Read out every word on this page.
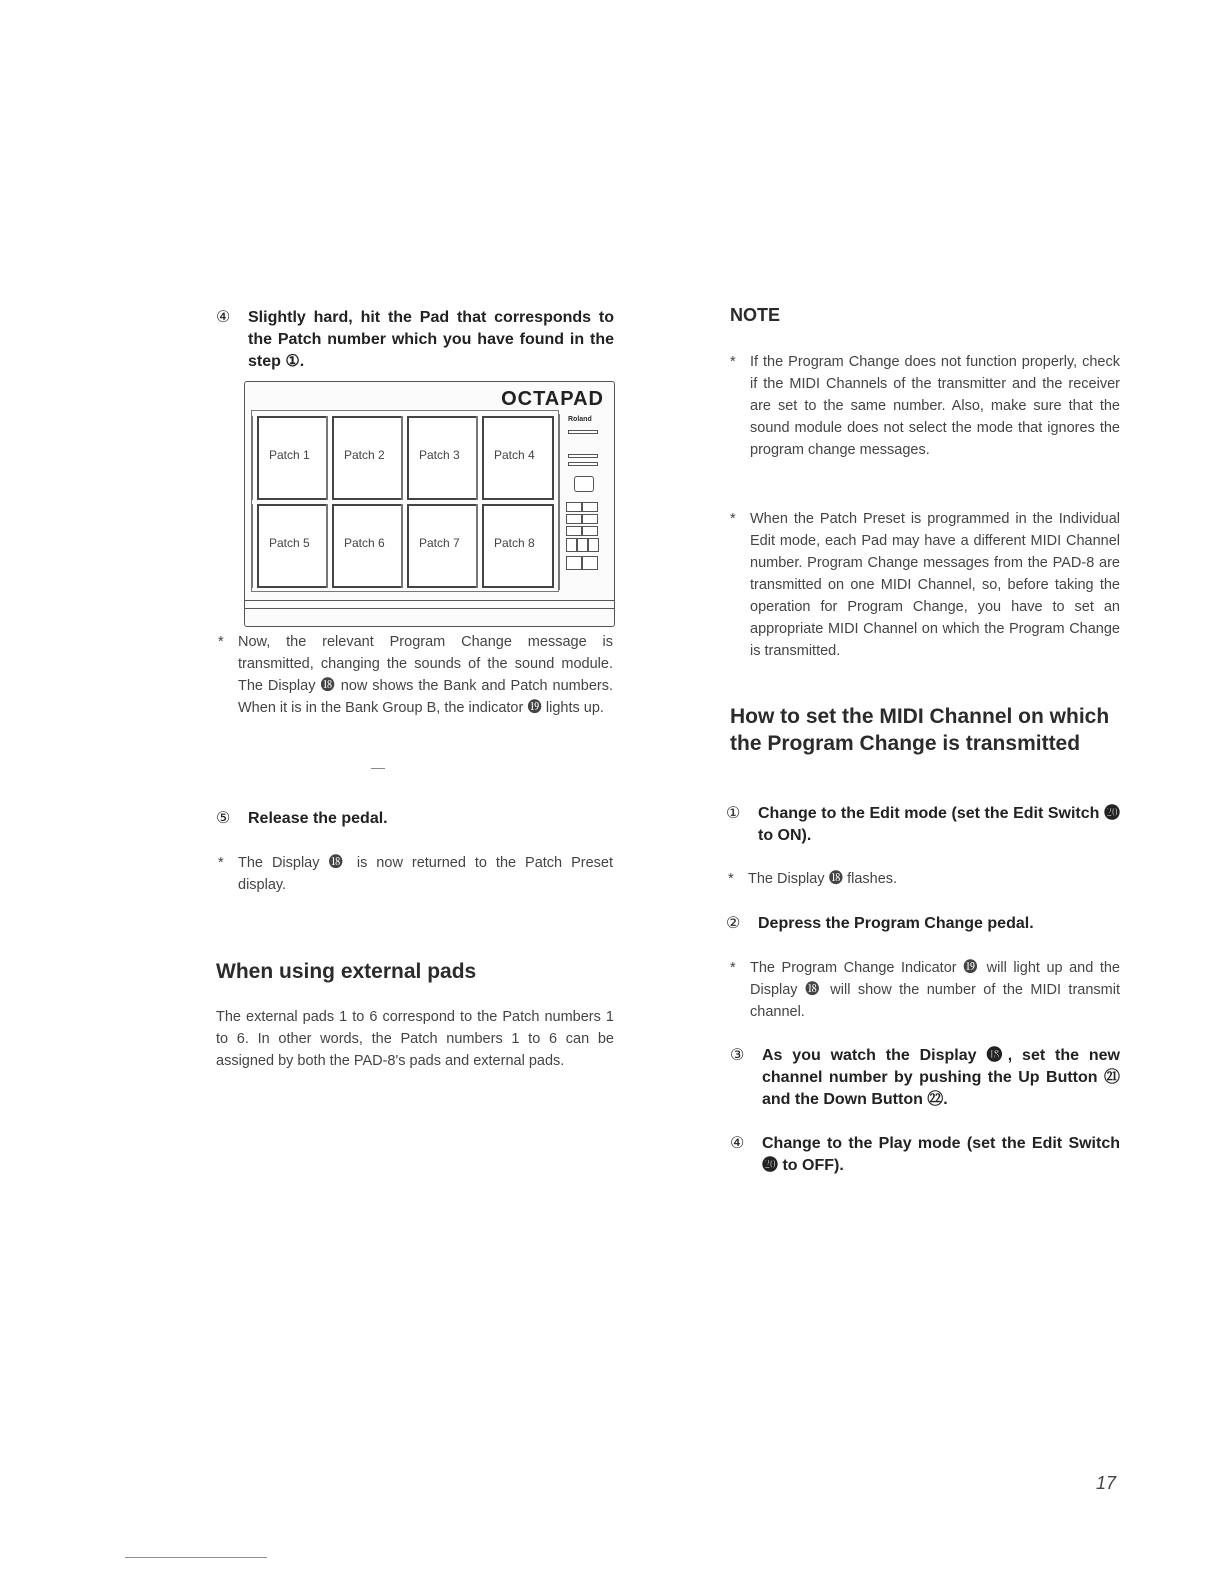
④	Slightly hard, hit the Pad that corresponds to the Patch number which you have found in the step ①.
OCTAPAD
Patch 1	Patch 2	Patch 3	Patch 4
Patch 5	Patch 6	Patch 7	Patch 8
Roland
* Now, the relevant Program Change message is transmitted, changing the sounds of the sound module. The Display ⓲ now shows the Bank and Patch numbers. When it is in the Bank Group B, the indicator ⓳ lights up.
⑤	Release the pedal.
* The Display ⓲ is now returned to the Patch Preset display.
When using external pads
The external pads 1 to 6 correspond to the Patch numbers 1 to 6. In other words, the Patch numbers 1 to 6 can be assigned by both the PAD-8's pads and external pads.
NOTE
* If the Program Change does not function properly, check if the MIDI Channels of the transmitter and the receiver are set to the same number. Also, make sure that the sound module does not select the mode that ignores the program change messages.
* When the Patch Preset is programmed in the Individual Edit mode, each Pad may have a different MIDI Channel number. Program Change messages from the PAD-8 are transmitted on one MIDI Channel, so, before taking the operation for Program Change, you have to set an appropriate MIDI Channel on which the Program Change is transmitted.
How to set the MIDI Channel on which the Program Change is transmitted
①	Change to the Edit mode (set the Edit Switch ⓴ to ON).
* The Display ⓲ flashes.
②	Depress the Program Change pedal.
* The Program Change Indicator ⓳ will light up and the Display ⓲ will show the number of the MIDI transmit channel.
③	As you watch the Display ⓲, set the new channel number by pushing the Up Button ㉑ and the Down Button ㉒.
④	Change to the Play mode (set the Edit Switch ⓴ to OFF).
17
